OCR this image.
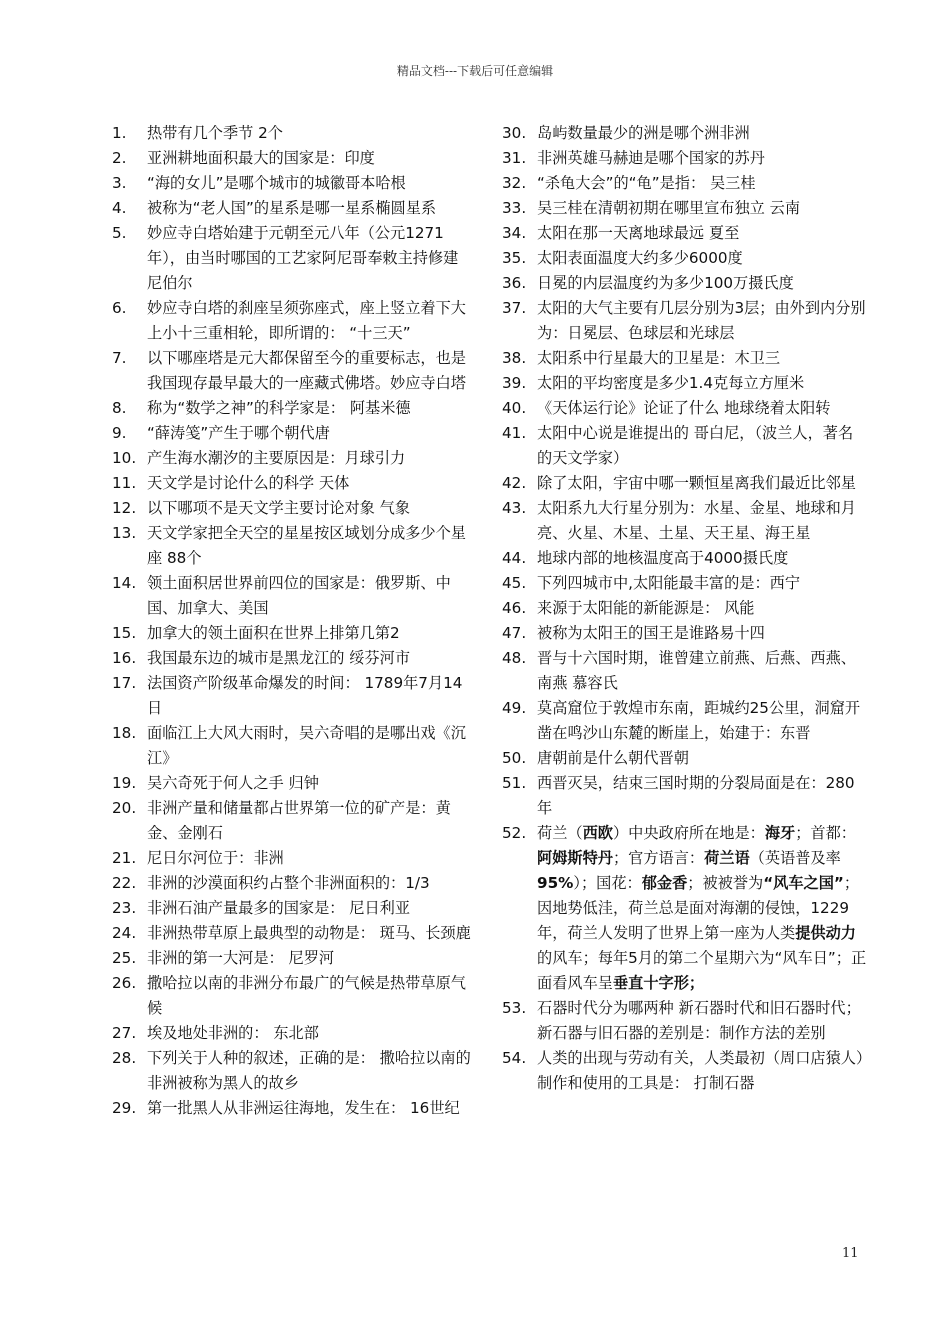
精品文档---下载后可任意编辑
1.	热带有几个季节 2个
2.	亚洲耕地面积最大的国家是：印度
3.	“海的女儿”是哪个城市的城徽哥本哈根
4.	被称为“老人国”的星系是哪一星系椭圆星系
5.	妙应寺白塔始建于元朝至元八年（公元1271年），由当时哪国的工艺家阿尼哥奉敕主持修建 尼伯尔
6.	妙应寺白塔的刹座呈须弥座式，座上竖立着下大上小十三重相轮，即所谓的： “十三天”
7.	以下哪座塔是元大都保留至今的重要标志，也是我国现存最早最大的一座藏式佛塔。妙应寺白塔
8.	称为“数学之神”的科学家是： 阿基米德
9.	“薛涛笺”产生于哪个朝代唐
10. 产生海水潮汐的主要原因是：月球引力
11. 天文学是讨论什么的科学 天体
12. 以下哪项不是天文学主要讨论对象 气象
13. 天文学家把全天空的星星按区域划分成多少个星座 88个
14. 领土面积居世界前四位的国家是：俄罗斯、中国、加拿大、美国
15. 加拿大的领土面积在世界上排第几第2
16. 我国最东边的城市是黑龙江的 绥芬河市
17. 法国资产阶级革命爆发的时间： 1789年7月14日
18. 面临江上大风大雨时，吴六奇唱的是哪出戏《沉江》
19. 吴六奇死于何人之手 归钟
20. 非洲产量和储量都占世界第一位的矿产是：黄金、金刚石
21. 尼日尔河位于：非洲
22. 非洲的沙漠面积约占整个非洲面积的：1/3
23. 非洲石油产量最多的国家是： 尼日利亚
24. 非洲热带草原上最典型的动物是： 斑马、长颈鹿
25. 非洲的第一大河是： 尼罗河
26. 撒哈拉以南的非洲分布最广的气候是热带草原气候
27. 埃及地处非洲的： 东北部
28. 下列关于人种的叙述，正确的是： 撒哈拉以南的非洲被称为黑人的故乡
29. 第一批黑人从非洲运往海地，发生在： 16世纪
30. 岛屿数量最少的洲是哪个洲非洲
31. 非洲英雄马赫迪是哪个国家的苏丹
32. “杀龟大会”的“龟”是指： 吴三桂
33. 吴三桂在清朝初期在哪里宣布独立 云南
34. 太阳在那一天离地球最远 夏至
35. 太阳表面温度大约多少6000度
36. 日冕的内层温度约为多少100万摄氏度
37. 太阳的大气主要有几层分别为3层；由外到内分别为：日冕层、色球层和光球层
38. 太阳系中行星最大的卫星是：木卫三
39. 太阳的平均密度是多少1.4克每立方厘米
40. 《天体运行论》论证了什么 地球绕着太阳转
41. 太阳中心说是谁提出的 哥白尼，（波兰人，著名的天文学家）
42. 除了太阳，宇宙中哪一颗恒星离我们最近比邻星
43. 太阳系九大行星分别为：水星、金星、地球和月亮、火星、木星、土星、天王星、海王星
44. 地球内部的地核温度高于4000摄氏度
45. 下列四城市中,太阳能最丰富的是：西宁
46. 来源于太阳能的新能源是： 风能
47. 被称为太阳王的国王是谁路易十四
48. 晋与十六国时期，谁曾建立前燕、后燕、西燕、南燕 慕容氏
49. 莫高窟位于敦煌市东南，距城约25公里，洞窟开凿在鸣沙山东麓的断崖上，始建于：东晋
50. 唐朝前是什么朝代晋朝
51. 西晋灭吴，结束三国时期的分裂局面是在：280年
52. 荷兰（西欧）中央政府所在地是：海牙；首都：阿姆斯特丹；官方语言：荷兰语（英语普及率95%）；国花：郁金香；被被誉为“风车之国”；因地势低洼，荷兰总是面对海潮的侵蚀，1229年，荷兰人发明了世界上第一座为人类提供动力的风车；每年5月的第二个星期六为“风车日”；正面看风车呈垂直十字形；
53. 石器时代分为哪两种 新石器时代和旧石器时代；新石器与旧石器的差别是：制作方法的差别
54. 人类的出现与劳动有关，人类最初（周口店猿人）制作和使用的工具是： 打制石器
11
